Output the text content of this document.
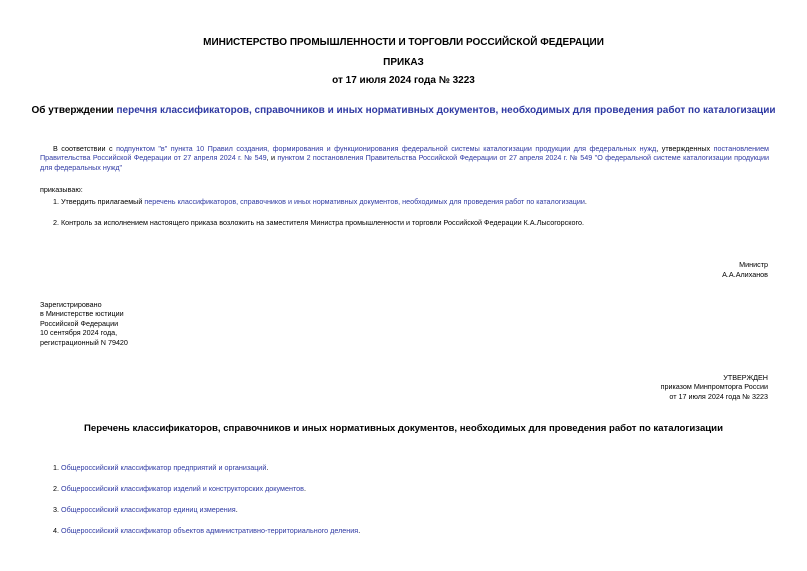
МИНИСТЕРСТВО ПРОМЫШЛЕННОСТИ И ТОРГОВЛИ РОССИЙСКОЙ ФЕДЕРАЦИИ
ПРИКАЗ
от 17 июля 2024 года № 3223
Об утверждении перечня классификаторов, справочников и иных нормативных документов, необходимых для проведения работ по каталогизации
В соответствии с подпунктом "в" пункта 10 Правил создания, формирования и функционирования федеральной системы каталогизации продукции для федеральных нужд, утвержденных постановлением Правительства Российской Федерации от 27 апреля 2024 г. № 549, и пунктом 2 постановления Правительства Российской Федерации от 27 апреля 2024 г. № 549 "О федеральной системе каталогизации продукции для федеральных нужд"
приказываю:
1. Утвердить прилагаемый перечень классификаторов, справочников и иных нормативных документов, необходимых для проведения работ по каталогизации.
2. Контроль за исполнением настоящего приказа возложить на заместителя Министра промышленности и торговли Российской Федерации К.А.Лысогорского.
Министр
А.А.Алиханов

Зарегистрировано

в Министерстве юстиции

Российской Федерации

10 сентября 2024 года,

регистрационный N 79420

УТВЕРЖДЕН

приказом Минпромторга России

от 17 июля 2024 года № 3223

Перечень классификаторов, справочников и иных нормативных документов, необходимых для проведения работ по каталогизации
1. Общероссийский классификатор предприятий и организаций.
2. Общероссийский классификатор изделий и конструкторских документов.
3. Общероссийский классификатор единиц измерения.
4. Общероссийский классификатор объектов административно-территориального деления.
